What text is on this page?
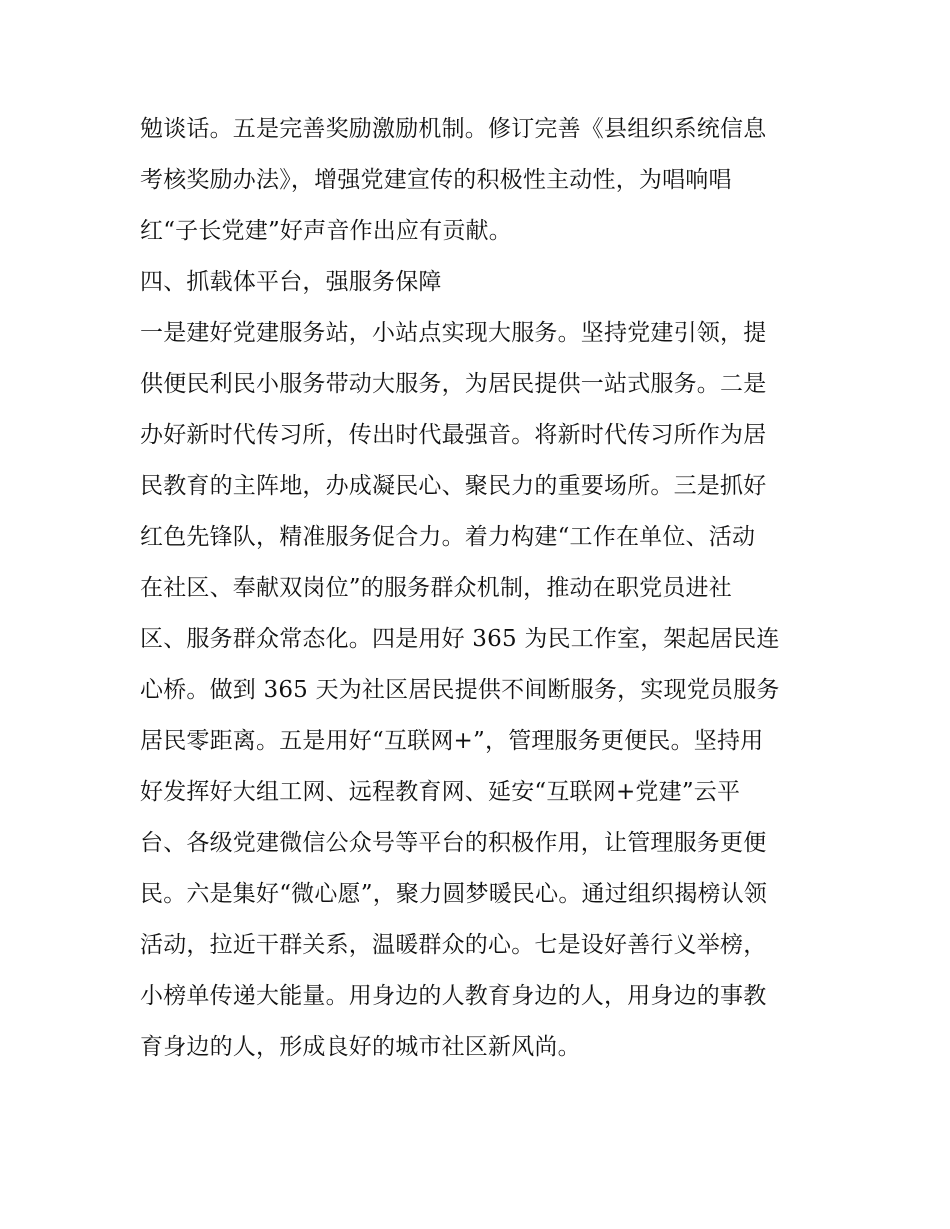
勉谈话。五是完善奖励激励机制。修订完善《县组织系统信息
考核奖励办法》，增强党建宣传的积极性主动性，为唱响唱
红“子长党建”好声音作出应有贡献。
四、抓载体平台，强服务保障
一是建好党建服务站，小站点实现大服务。坚持党建引领，提
供便民利民小服务带动大服务，为居民提供一站式服务。二是
办好新时代传习所，传出时代最强音。将新时代传习所作为居
民教育的主阵地，办成凝民心、聚民力的重要场所。三是抓好
红色先锋队，精准服务促合力。着力构建“工作在单位、活动
在社区、奉献双岗位”的服务群众机制，推动在职党员进社
区、服务群众常态化。四是用好 365 为民工作室，架起居民连
心桥。做到 365 天为社区居民提供不间断服务，实现党员服务
居民零距离。五是用好“互联网+”，管理服务更便民。坚持用
好发挥好大组工网、远程教育网、延安“互联网+党建”云平
台、各级党建微信公众号等平台的积极作用，让管理服务更便
民。六是集好“微心愿”，聚力圆梦暖民心。通过组织揭榜认领
活动，拉近干群关系，温暖群众的心。七是设好善行义举榜，
小榜单传递大能量。用身边的人教育身边的人，用身边的事教
育身边的人，形成良好的城市社区新风尚。
